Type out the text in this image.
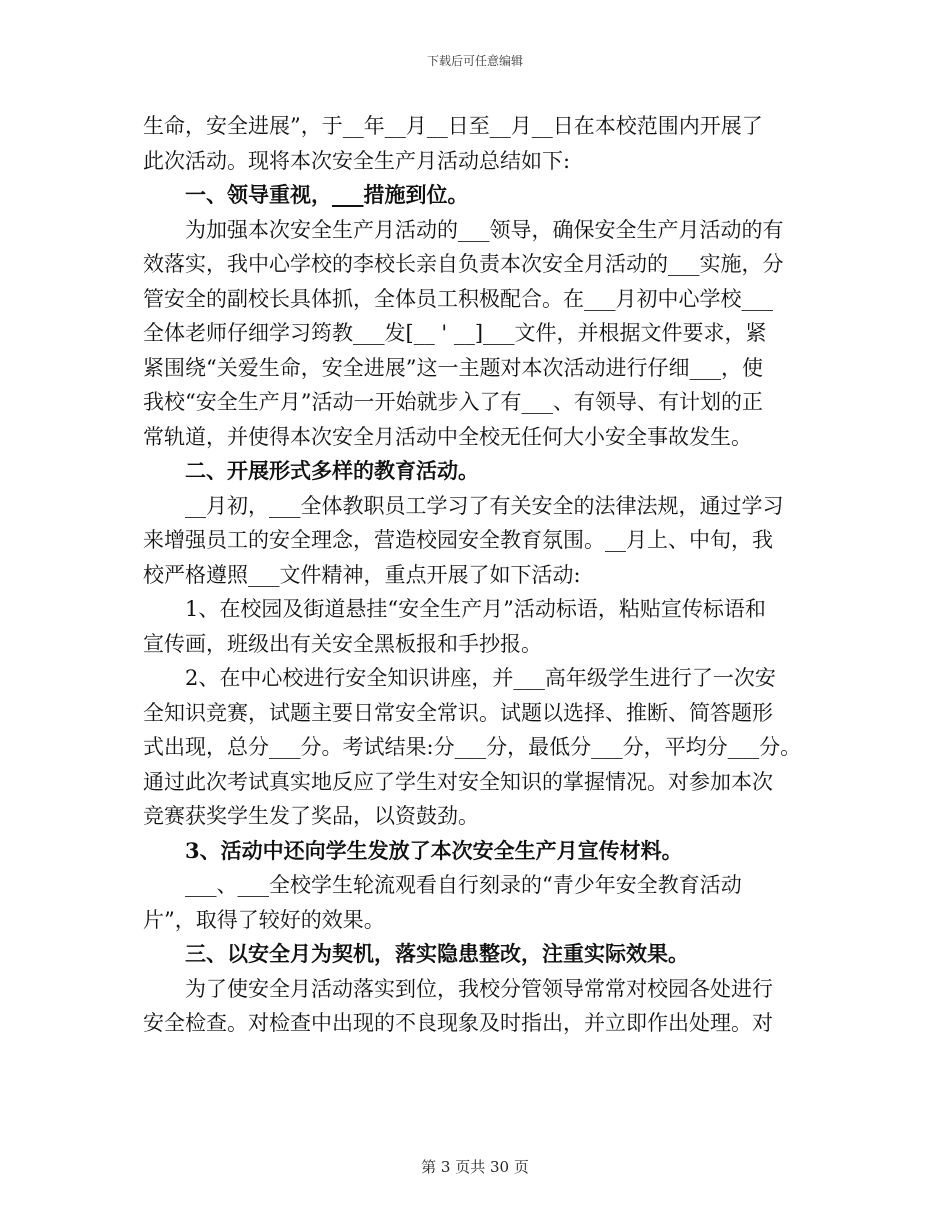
下载后可任意编辑
生命，安全进展”，于__年__月__日至__月__日在本校范围内开展了
此次活动。现将本次安全生产月活动总结如下:
一、领导重视，___措施到位。
为加强本次安全生产月活动的___领导，确保安全生产月活动的有
效落实，我中心学校的李校长亲自负责本次安全月活动的___实施，分
管安全的副校长具体抓，全体员工积极配合。在___月初中心学校___
全体老师仔细学习筠教___发[__ ' __]___文件，并根据文件要求，紧
紧围绕“关爱生命，安全进展”这一主题对本次活动进行仔细___，使
我校“安全生产月”活动一开始就步入了有___、有领导、有计划的正
常轨道，并使得本次安全月活动中全校无任何大小安全事故发生。
二、开展形式多样的教育活动。
__月初，___全体教职员工学习了有关安全的法律法规，通过学习
来增强员工的安全理念，营造校园安全教育氛围。__月上、中旬，我
校严格遵照___文件精神，重点开展了如下活动:
1、在校园及街道悬挂“安全生产月”活动标语，粘贴宣传标语和
宣传画，班级出有关安全黑板报和手抄报。
2、在中心校进行安全知识讲座，并___高年级学生进行了一次安
全知识竞赛，试题主要日常安全常识。试题以选择、推断、简答题形
式出现，总分___分。考试结果:分___分，最低分___分，平均分___分。
通过此次考试真实地反应了学生对安全知识的掌握情况。对参加本次
竞赛获奖学生发了奖品，以资鼓劲。
3、活动中还向学生发放了本次安全生产月宣传材料。
___、___全校学生轮流观看自行刻录的“青少年安全教育活动
片”，取得了较好的效果。
三、以安全月为契机，落实隐患整改，注重实际效果。
为了使安全月活动落实到位，我校分管领导常常对校园各处进行
安全检查。对检查中出现的不良现象及时指出，并立即作出处理。对
第 3 页共 30 页
